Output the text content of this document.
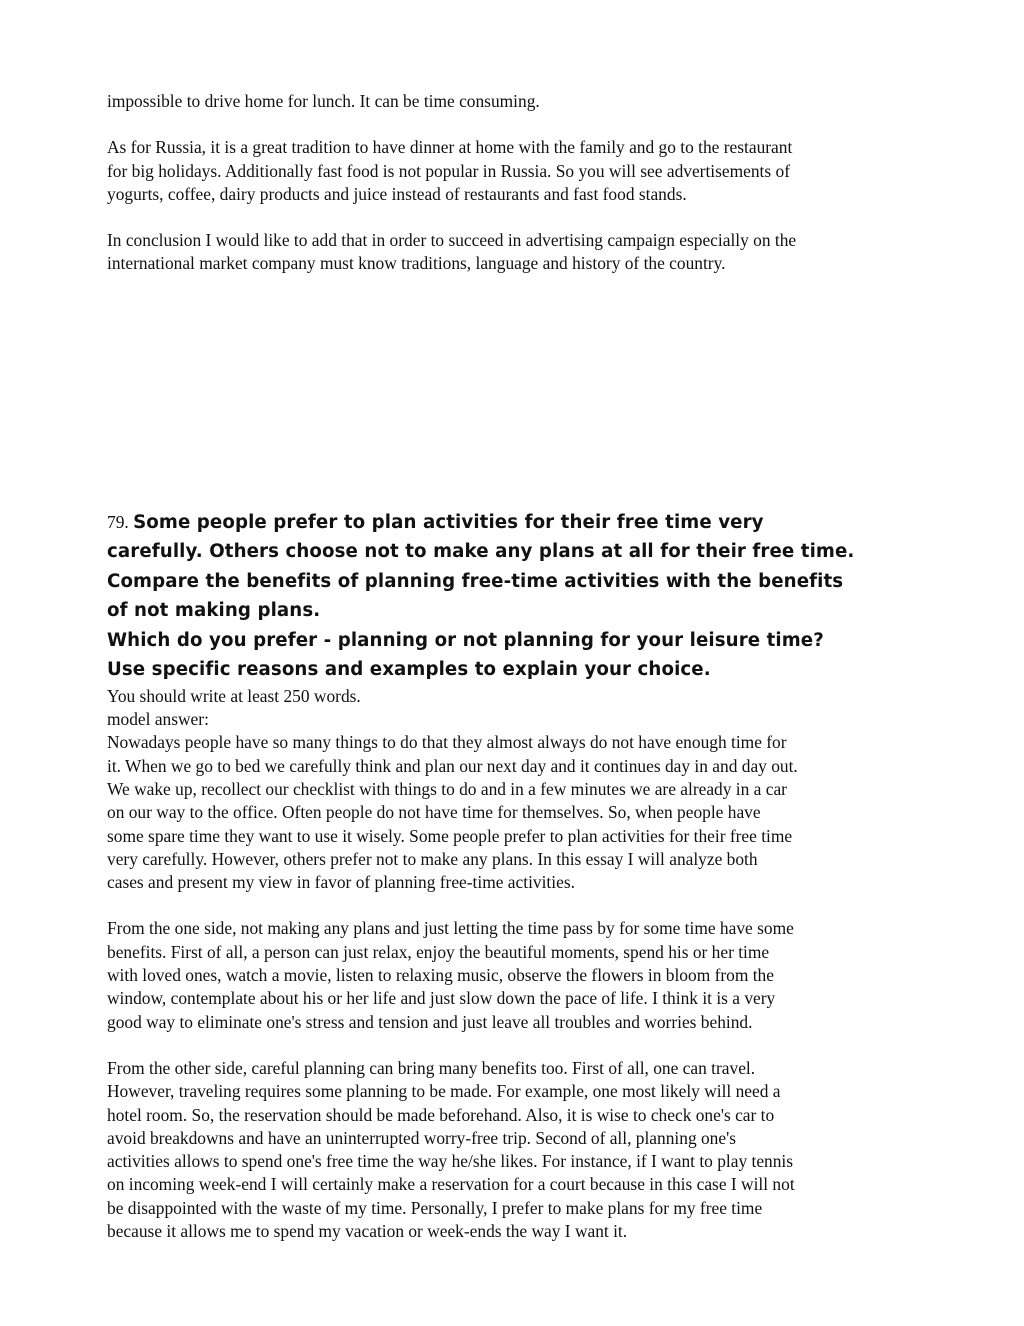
impossible to drive home for lunch. It can be time consuming.

As for Russia, it is a great tradition to have dinner at home with the family and go to the restaurant
for big holidays. Additionally fast food is not popular in Russia. So you will see advertisements of
yogurts, coffee, dairy products and juice instead of restaurants and fast food stands.

In conclusion I would like to add that in order to succeed in advertising campaign especially on the
international market company must know traditions, language and history of the country.

79. Some people prefer to plan activities for their free time very
carefully. Others choose not to make any plans at all for their free time.
Compare the benefits of planning free-time activities with the benefits
of not making plans.
Which do you prefer - planning or not planning for your leisure time?
Use specific reasons and examples to explain your choice.

You should write at least 250 words.

model answer:

Nowadays people have so many things to do that they almost always do not have enough time for
it. When we go to bed we carefully think and plan our next day and it continues day in and day out.
We wake up, recollect our checklist with things to do and in a few minutes we are already in a car
on our way to the office. Often people do not have time for themselves. So, when people have
some spare time they want to use it wisely. Some people prefer to plan activities for their free time
very carefully. However, others prefer not to make any plans. In this essay I will analyze both
cases and present my view in favor of planning free-time activities.

From the one side, not making any plans and just letting the time pass by for some time have some
benefits. First of all, a person can just relax, enjoy the beautiful moments, spend his or her time
with loved ones, watch a movie, listen to relaxing music, observe the flowers in bloom from the
window, contemplate about his or her life and just slow down the pace of life. I think it is a very
good way to eliminate one's stress and tension and just leave all troubles and worries behind.

From the other side, careful planning can bring many benefits too. First of all, one can travel.
However, traveling requires some planning to be made. For example, one most likely will need a
hotel room. So, the reservation should be made beforehand. Also, it is wise to check one's car to
avoid breakdowns and have an uninterrupted worry-free trip. Second of all, planning one's
activities allows to spend one's free time the way he/she likes. For instance, if I want to play tennis
on incoming week-end I will certainly make a reservation for a court because in this case I will not
be disappointed with the waste of my time. Personally, I prefer to make plans for my free time
because it allows me to spend my vacation or week-ends the way I want it.
